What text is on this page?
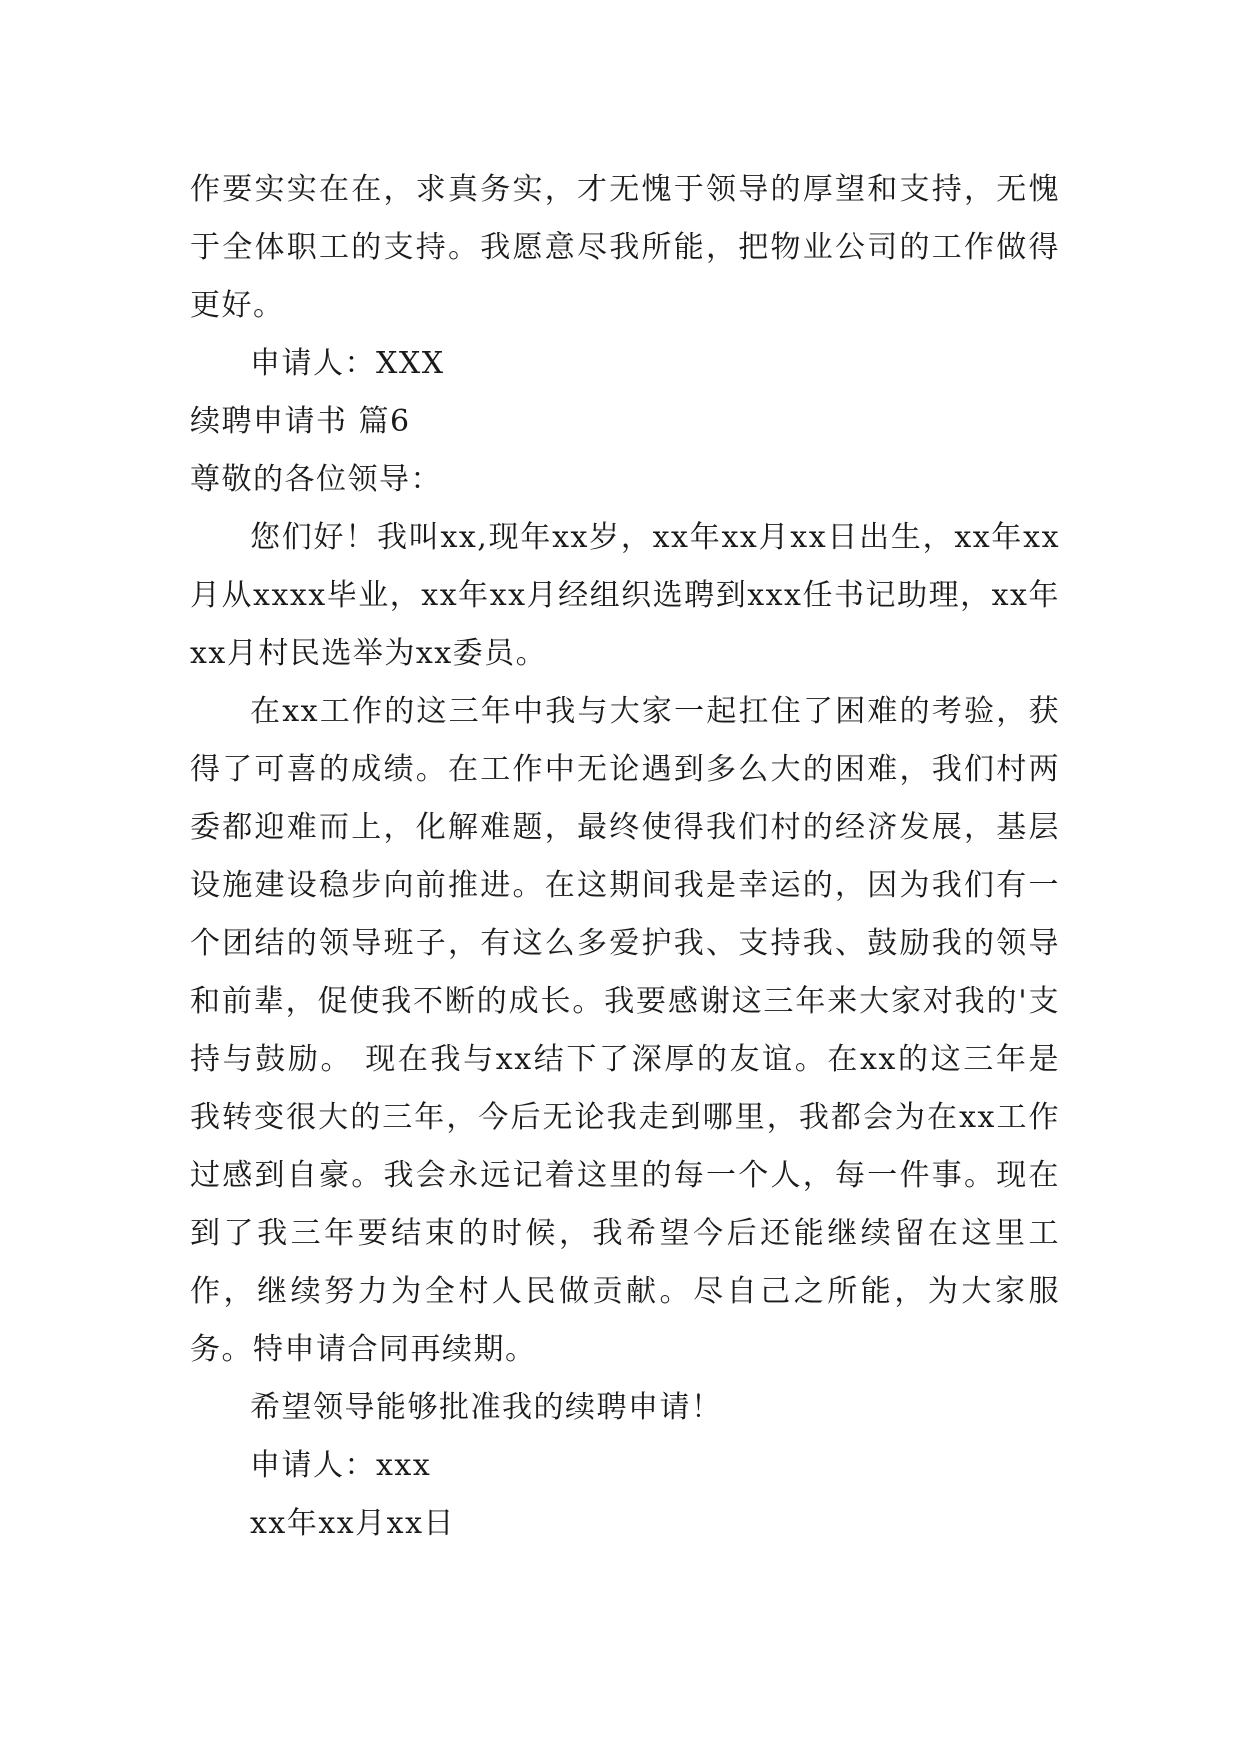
作要实实在在，求真务实，才无愧于领导的厚望和支持，无愧于全体职工的支持。我愿意尽我所能，把物业公司的工作做得更好。

申请人：XXX

续聘申请书 篇6

尊敬的各位领导：

您们好！我叫xx,现年xx岁，xx年xx月xx日出生，xx年xx月从xxxx毕业，xx年xx月经组织选聘到xxx任书记助理，xx年xx月村民选举为xx委员。

在xx工作的这三年中我与大家一起扛住了困难的考验，获得了可喜的成绩。在工作中无论遇到多么大的困难，我们村两委都迎难而上，化解难题，最终使得我们村的经济发展，基层设施建设稳步向前推进。在这期间我是幸运的，因为我们有一个团结的领导班子，有这么多爱护我、支持我、鼓励我的领导和前辈，促使我不断的成长。我要感谢这三年来大家对我的'支持与鼓励。 现在我与xx结下了深厚的友谊。在xx的这三年是我转变很大的三年，今后无论我走到哪里，我都会为在xx工作过感到自豪。我会永远记着这里的每一个人，每一件事。现在到了我三年要结束的时候，我希望今后还能继续留在这里工作，继续努力为全村人民做贡献。尽自己之所能，为大家服务。特申请合同再续期。

希望领导能够批准我的续聘申请！

申请人：xxx

xx年xx月xx日
